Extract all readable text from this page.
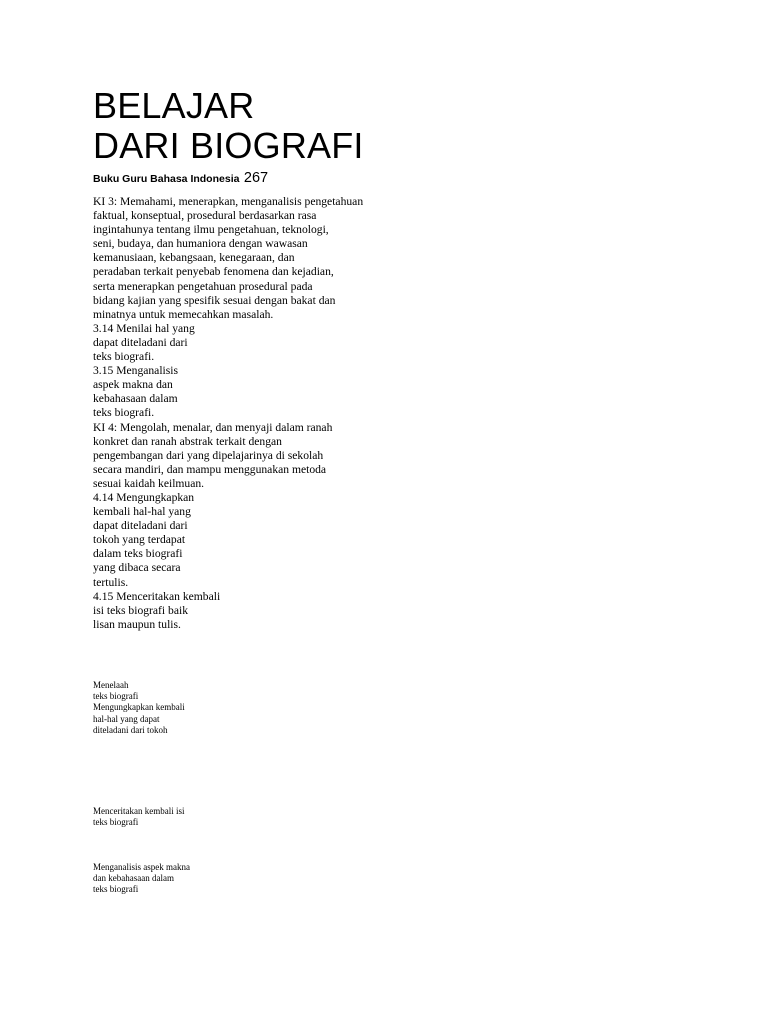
BELAJAR
DARI BIOGRAFI
Buku Guru Bahasa Indonesia 267
KI 3: Memahami, menerapkan, menganalisis pengetahuan
faktual, konseptual, prosedural berdasarkan rasa
ingintahunya tentang ilmu pengetahuan, teknologi,
seni, budaya, dan humaniora dengan wawasan
kemanusiaan, kebangsaan, kenegaraan, dan
peradaban terkait penyebab fenomena dan kejadian,
serta menerapkan pengetahuan prosedural pada
bidang kajian yang spesifik sesuai dengan bakat dan
minatnya untuk memecahkan masalah.
3.14 Menilai hal yang
dapat diteladani dari
teks biografi.
3.15 Menganalisis
aspek makna dan
kebahasaan dalam
teks biografi.
KI 4: Mengolah, menalar, dan menyaji dalam ranah
konkret dan ranah abstrak terkait dengan
pengembangan dari yang dipelajarinya di sekolah
secara mandiri, dan mampu menggunakan metoda
sesuai kaidah keilmuan.
4.14 Mengungkapkan
kembali hal-hal yang
dapat diteladani dari
tokoh yang terdapat
dalam teks biografi
yang dibaca secara
tertulis.
4.15 Menceritakan kembali
isi teks biografi baik
lisan maupun tulis.
Menelaah
teks biografi
Mengungkapkan kembali
hal-hal yang dapat
diteladani dari tokoh
Menceritakan kembali isi
teks biografi
Menganalisis aspek makna
dan kebahasaan dalam
teks biografi
